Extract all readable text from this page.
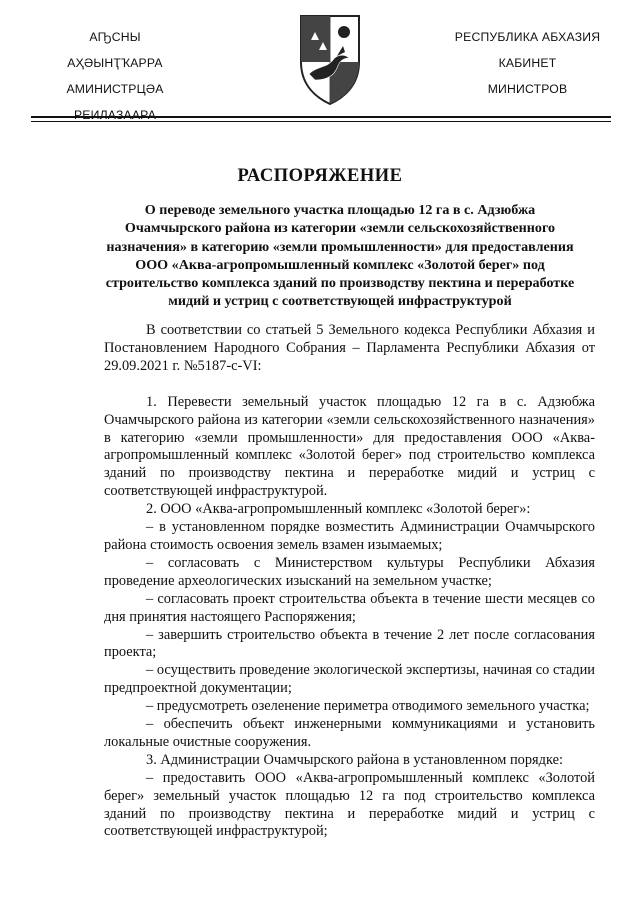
АҦСНЫ АҲӘЫНҬҠАРРА
АМИНИСТРЦӘА
РЕИЛАЗААРА
РЕСПУБЛИКА АБХАЗИЯ
КАБИНЕТ
МИНИСТРОВ
РАСПОРЯЖЕНИЕ
О переводе земельного участка площадью 12 га в с. Адзюбжа Очамчырского района из категории «земли сельскохозяйственного назначения» в категорию «земли промышленности» для предоставления ООО «Аква-агропромышленный комплекс «Золотой берег» под строительство комплекса зданий по производству пектина и переработке мидий и устриц с соответствующей инфраструктурой

В соответствии со статьей 5 Земельного кодекса Республики Абхазия и Постановлением Народного Собрания – Парламента Республики Абхазия от 29.09.2021 г. №5187-с-VI:

1. Перевести земельный участок площадью 12 га в с. Адзюбжа Очамчырского района из категории «земли сельскохозяйственного назначения» в категорию «земли промышленности» для предоставления ООО «Аква-агропромышленный комплекс «Золотой берег» под строительство комплекса зданий по производству пектина и переработке мидий и устриц с соответствующей инфраструктурой.

2. ООО «Аква-агропромышленный комплекс «Золотой берег»:

– в установленном порядке возместить Администрации Очамчырского района стоимость освоения земель взамен изымаемых;

– согласовать с Министерством культуры Республики Абхазия проведение археологических изысканий на земельном участке;

– согласовать проект строительства объекта в течение шести месяцев со дня принятия настоящего Распоряжения;

– завершить строительство объекта в течение 2 лет после согласования проекта;

– осуществить проведение экологической экспертизы, начиная со стадии предпроектной документации;

– предусмотреть озеленение периметра отводимого земельного участка;

– обеспечить объект инженерными коммуникациями и установить локальные очистные сооружения.

3. Администрации Очамчырского района в установленном порядке:

– предоставить ООО «Аква-агропромышленный комплекс «Золотой берег» земельный участок площадью 12 га под строительство комплекса зданий по производству пектина и переработке мидий и устриц с соответствующей инфраструктурой;
